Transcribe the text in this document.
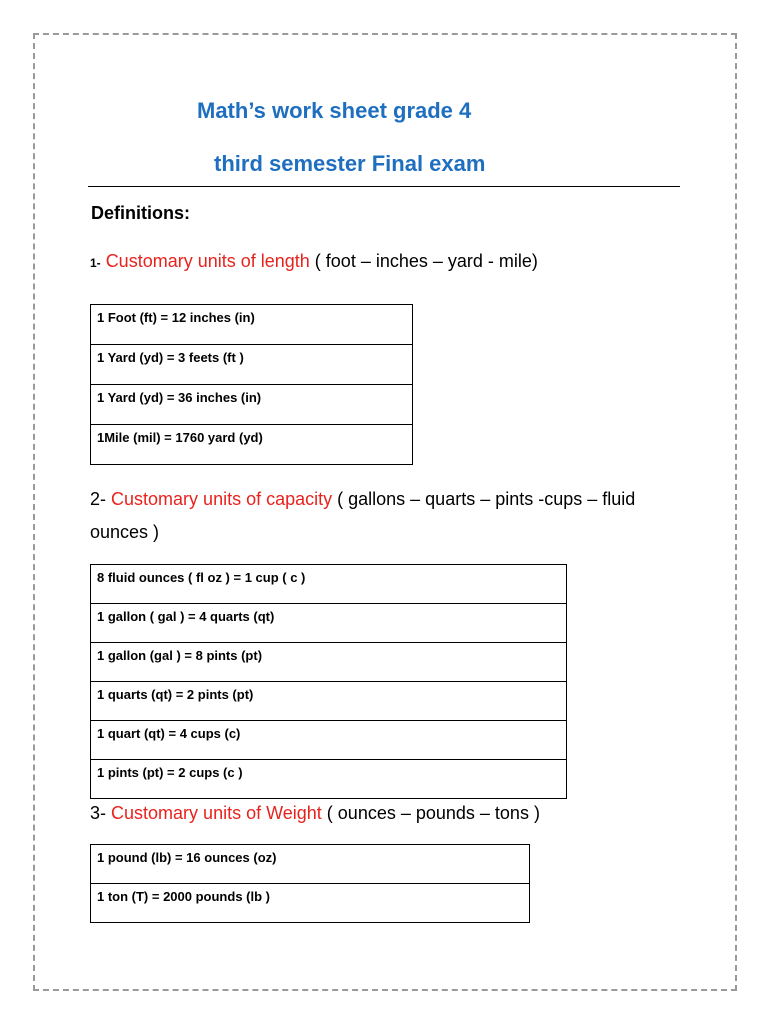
Math’s work sheet grade 4
third semester Final exam
Definitions:
1- Customary units of length ( foot – inches – yard - mile)
1 Foot (ft) = 12 inches (in)
1 Yard (yd) = 3 feets (ft )
1 Yard (yd) = 36 inches (in)
1Mile (mil) = 1760 yard (yd)
2- Customary units of capacity ( gallons – quarts – pints -cups – fluid ounces )
8 fluid ounces ( fl oz ) = 1 cup ( c )
1 gallon ( gal ) = 4 quarts (qt)
1 gallon (gal ) = 8 pints (pt)
1 quarts (qt) = 2 pints (pt)
1 quart (qt) = 4 cups (c)
1 pints (pt) = 2 cups (c )
3- Customary units of Weight ( ounces – pounds – tons )
1 pound (lb) = 16 ounces (oz)
1 ton (T) = 2000 pounds (lb )
